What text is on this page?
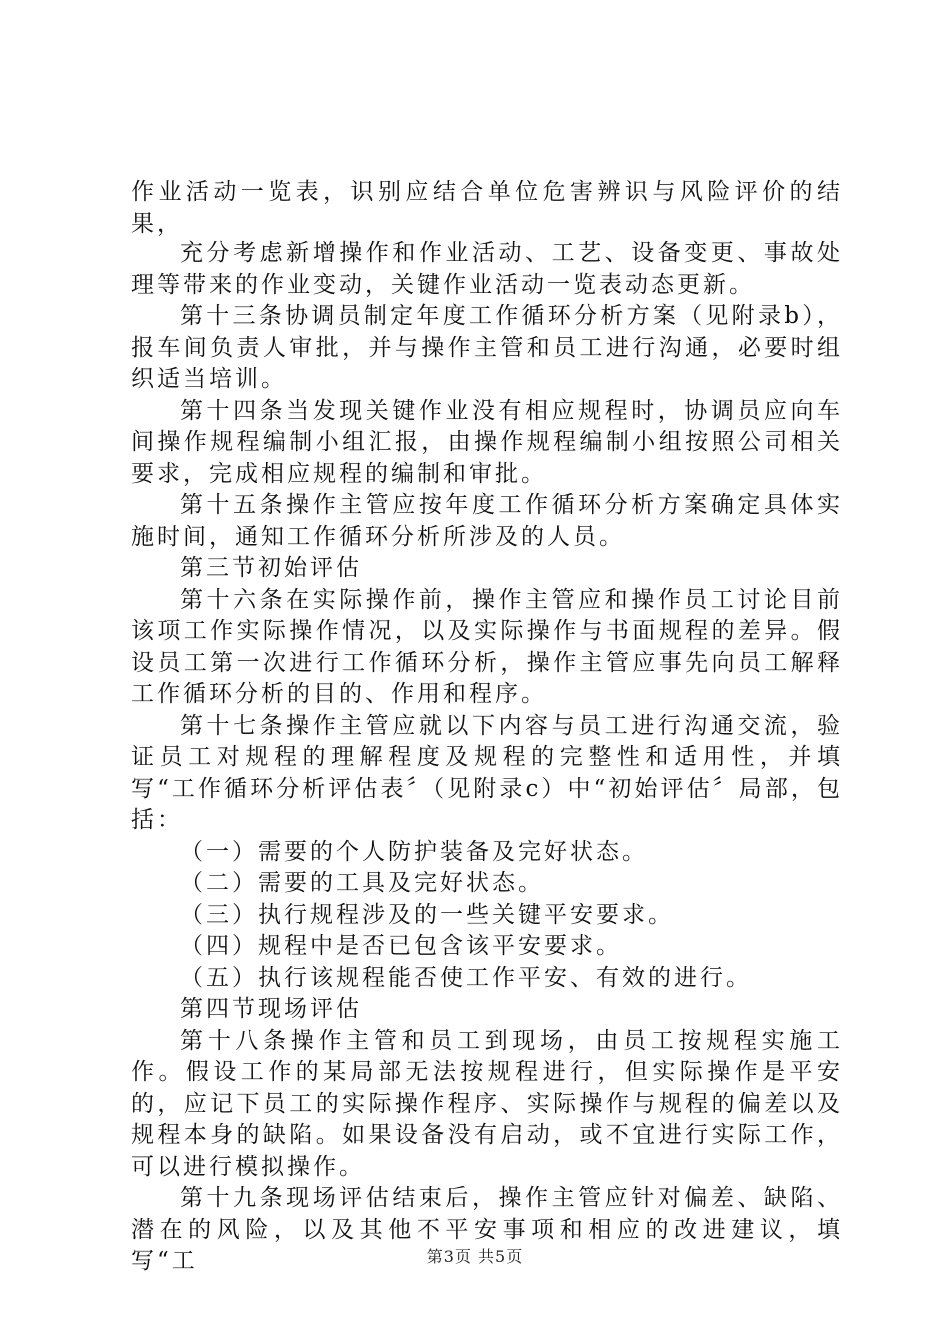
作业活动一览表，识别应结合单位危害辨识与风险评价的结果，

充分考虑新增操作和作业活动、工艺、设备变更、事故处理等带来的作业变动，关键作业活动一览表动态更新。

第十三条协调员制定年度工作循环分析方案（见附录b），报车间负责人审批，并与操作主管和员工进行沟通，必要时组织适当培训。

第十四条当发现关键作业没有相应规程时，协调员应向车间操作规程编制小组汇报，由操作规程编制小组按照公司相关要求，完成相应规程的编制和审批。

第十五条操作主管应按年度工作循环分析方案确定具体实施时间，通知工作循环分析所涉及的人员。

第三节初始评估

第十六条在实际操作前，操作主管应和操作员工讨论目前该项工作实际操作情况，以及实际操作与书面规程的差异。假设员工第一次进行工作循环分析，操作主管应事先向员工解释工作循环分析的目的、作用和程序。

第十七条操作主管应就以下内容与员工进行沟通交流，验证员工对规程的理解程度及规程的完整性和适用性，并填写“工作循环分析评估表〞（见附录c）中“初始评估〞局部，包括：

（一）需要的个人防护装备及完好状态。

（二）需要的工具及完好状态。

（三）执行规程涉及的一些关键平安要求。

（四）规程中是否已包含该平安要求。

（五）执行该规程能否使工作平安、有效的进行。

第四节现场评估

第十八条操作主管和员工到现场，由员工按规程实施工作。假设工作的某局部无法按规程进行，但实际操作是平安的，应记下员工的实际操作程序、实际操作与规程的偏差以及规程本身的缺陷。如果设备没有启动，或不宜进行实际工作，可以进行模拟操作。

第十九条现场评估结束后，操作主管应针对偏差、缺陷、潜在的风险，以及其他不平安事项和相应的改进建议，填写“工	第3页 共5页
